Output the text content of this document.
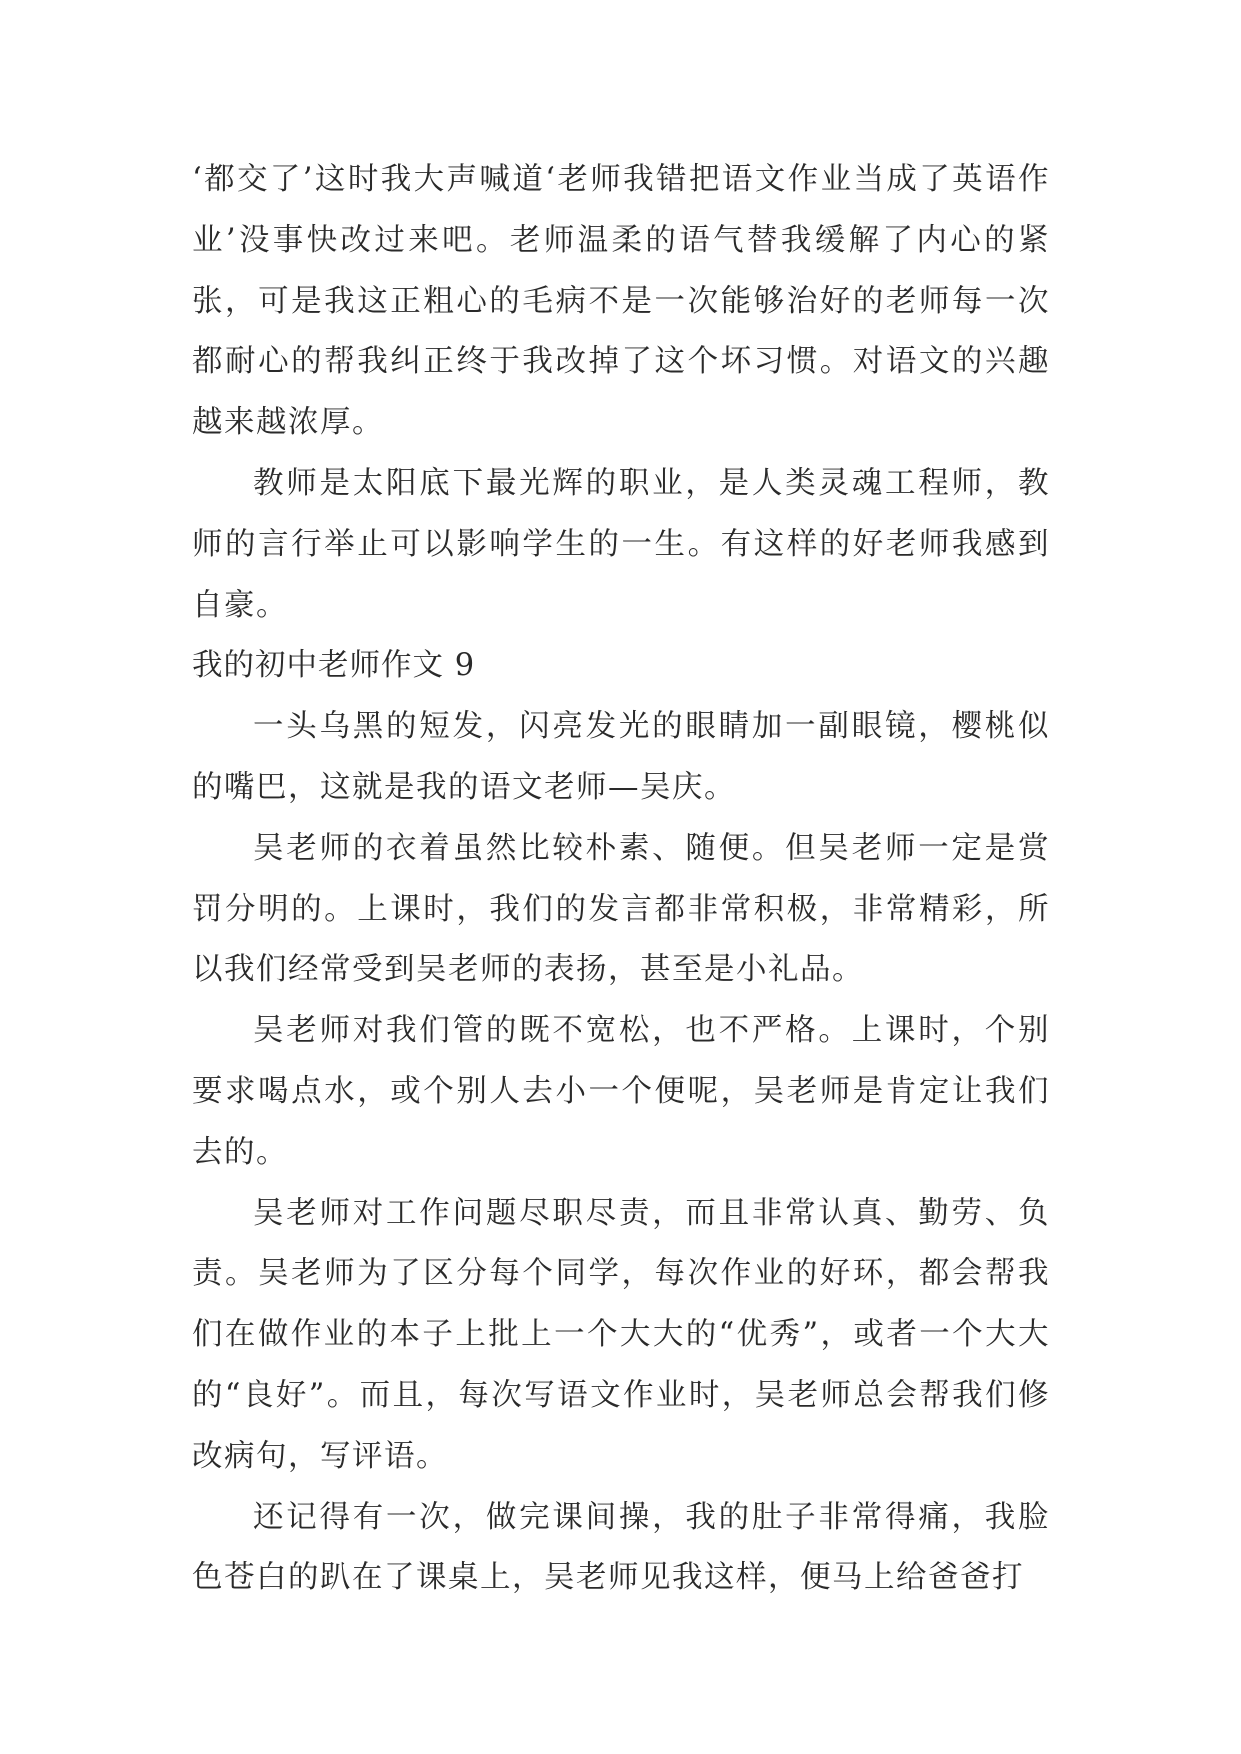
‘都交了’这时我大声喊道‘老师我错把语文作业当成了英语作业’没事快改过来吧。老师温柔的语气替我缓解了内心的紧张，可是我这正粗心的毛病不是一次能够治好的老师每一次都耐心的帮我纠正终于我改掉了这个坏习惯。对语文的兴趣越来越浓厚。

教师是太阳底下最光辉的职业，是人类灵魂工程师，教师的言行举止可以影响学生的一生。有这样的好老师我感到自豪。

我的初中老师作文 9

一头乌黑的短发，闪亮发光的眼睛加一副眼镜，樱桃似的嘴巴，这就是我的语文老师—吴庆。

吴老师的衣着虽然比较朴素、随便。但吴老师一定是赏罚分明的。上课时，我们的发言都非常积极，非常精彩，所以我们经常受到吴老师的表扬，甚至是小礼品。

吴老师对我们管的既不宽松，也不严格。上课时，个别要求喝点水，或个别人去小一个便呢，吴老师是肯定让我们去的。

吴老师对工作问题尽职尽责，而且非常认真、勤劳、负责。吴老师为了区分每个同学，每次作业的好环，都会帮我们在做作业的本子上批上一个大大的“优秀”，或者一个大大的“良好”。而且，每次写语文作业时，吴老师总会帮我们修改病句，写评语。

还记得有一次，做完课间操，我的肚子非常得痛，我脸色苍白的趴在了课桌上，吴老师见我这样，便马上给爸爸打
